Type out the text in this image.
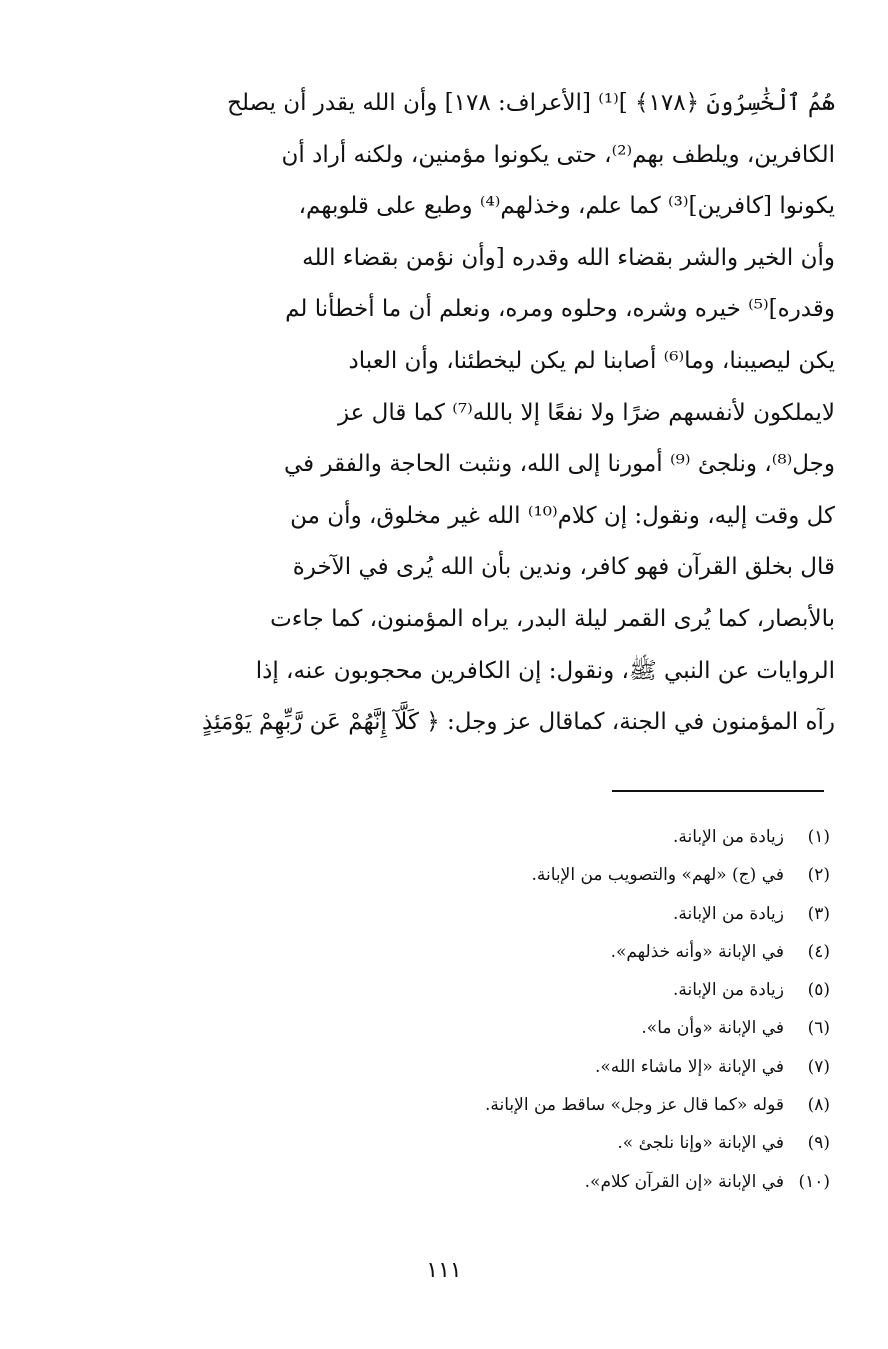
هُمُ ٱلْخَٰسِرُونَ ﴿١٧٨﴾ ]⁽¹⁾ [الأعراف: ١٧٨] وأن الله يقدر أن يصلح
الكافرين، ويلطف بهم⁽²⁾، حتى يكونوا مؤمنين، ولكنه أراد أن
يكونوا [كافرين]⁽³⁾ كما علم، وخذلهم⁽⁴⁾ وطبع على قلوبهم،
وأن الخير والشر بقضاء الله وقدره [وأن نؤمن بقضاء الله
وقدره]⁽⁵⁾ خيره وشره، وحلوه ومره، ونعلم أن ما أخطأنا لم
يكن ليصيبنا، وما⁽⁶⁾ أصابنا لم يكن ليخطئنا، وأن العباد
لايملكون لأنفسهم ضرًا ولا نفعًا إلا بالله⁽⁷⁾ كما قال عز
وجل⁽⁸⁾، ونلجئ ⁽⁹⁾ أمورنا إلى الله، ونثبت الحاجة والفقر في
كل وقت إليه، ونقول: إن كلام⁽¹⁰⁾ الله غير مخلوق، وأن من
قال بخلق القرآن فهو كافر، وندين بأن الله يُرى في الآخرة
بالأبصار، كما يُرى القمر ليلة البدر، يراه المؤمنون، كما جاءت
الروايات عن النبي ﷺ، ونقول: إن الكافرين محجوبون عنه، إذا
رآه المؤمنون في الجنة، كماقال عز وجل: ﴿ كَلَّآ إِنَّهُمْ عَن رَّبِّهِمْ يَوْمَئِذٍ
(١)زيادة من الإبانة.
(٢)في (ج) «لهم» والتصويب من الإبانة.
(٣)زيادة من الإبانة.
(٤)في الإبانة «وأنه خذلهم».
(٥)زيادة من الإبانة.
(٦)في الإبانة «وأن ما».
(٧)في الإبانة «إلا ماشاء الله».
(٨)قوله «كما قال عز وجل» ساقط من الإبانة.
(٩)في الإبانة «وإنا نلجئ ».
(١٠)في الإبانة «إن القرآن كلام».
١١١
